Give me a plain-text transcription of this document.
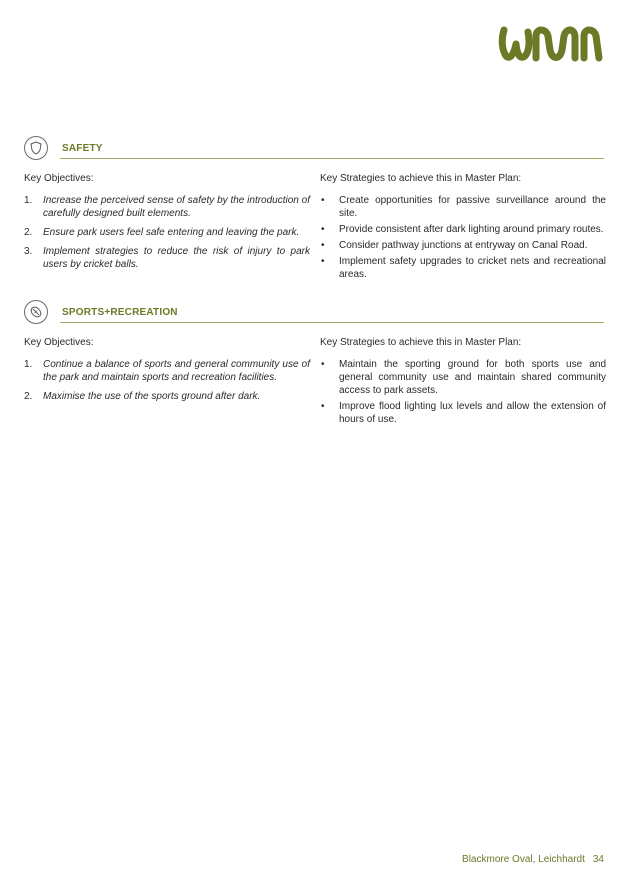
SAFETY

Key Objectives:

1. Increase the perceived sense of safety by the introduction of carefully designed built elements.
2. Ensure park users feel safe entering and leaving the park.
3. Implement strategies to reduce the risk of injury to park users by cricket balls.

Key Strategies to achieve this in Master Plan:

• Create opportunities for passive surveillance around the site.
• Provide consistent after dark lighting around primary routes.
• Consider pathway junctions at entryway on Canal Road.
• Implement safety upgrades to cricket nets and recreational areas.
SPORTS+RECREATION

Key Objectives:

1. Continue a balance of sports and general community use of the park and maintain sports and recreation facilities.
2. Maximise the use of the sports ground after dark.

Key Strategies to achieve this in Master Plan:

• Maintain the sporting ground for both sports use and general community use and maintain shared community access to park assets.
• Improve flood lighting lux levels and allow the extension of hours of use.
Blackmore Oval, Leichhardt 34
